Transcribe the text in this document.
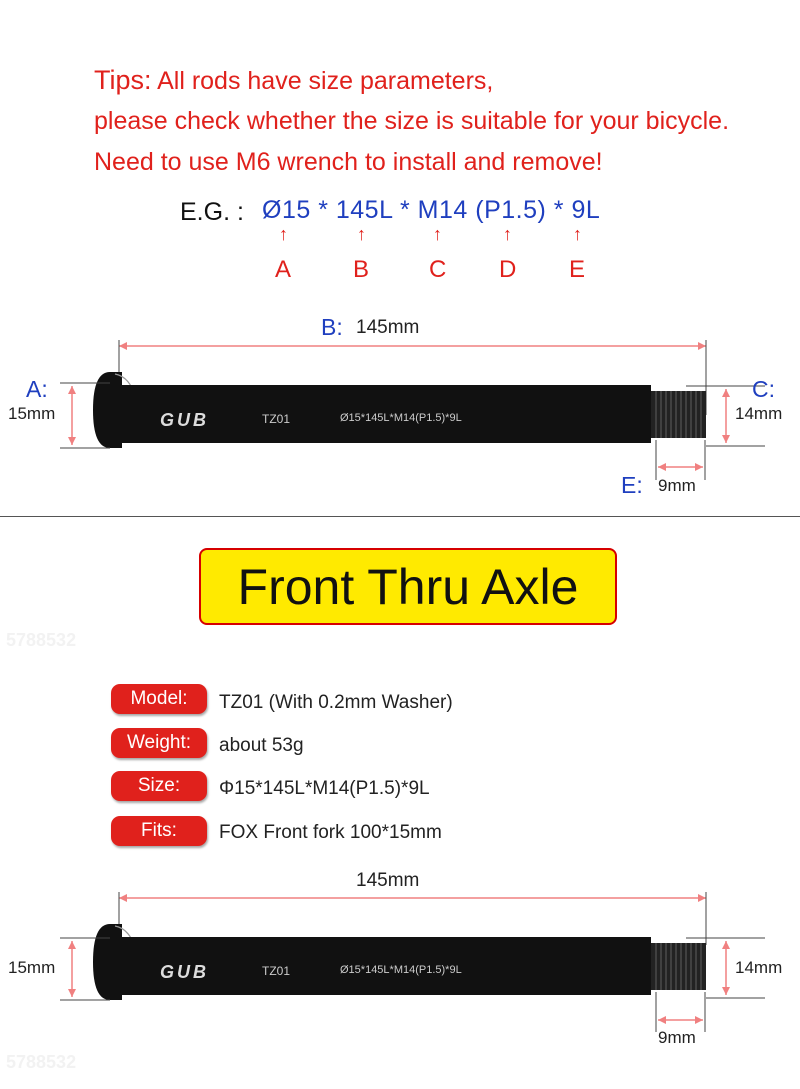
Tips: All rods have size parameters,
please check whether the size is suitable for your bicycle.
Need to use M6 wrench to install and remove!
E.G. : Ø15 * 145L * M14 (P1.5) * 9L
↑	↑	↑	↑	↑
A	B C D E
B: 145mm
A:
15mm
C:
14mm
E: 9mm
GUB	TZ01	Ø15*145L*M14(P1.5)*9L
Front Thru Axle
5788532
Model:	TZ01 (With 0.2mm Washer)
Weight:	about 53g
Size:	Φ15*145L*M14(P1.5)*9L
Fits:	FOX Front fork 100*15mm
145mm
15mm	14mm
9mm
GUB	TZ01	Ø15*145L*M14(P1.5)*9L
5788532
